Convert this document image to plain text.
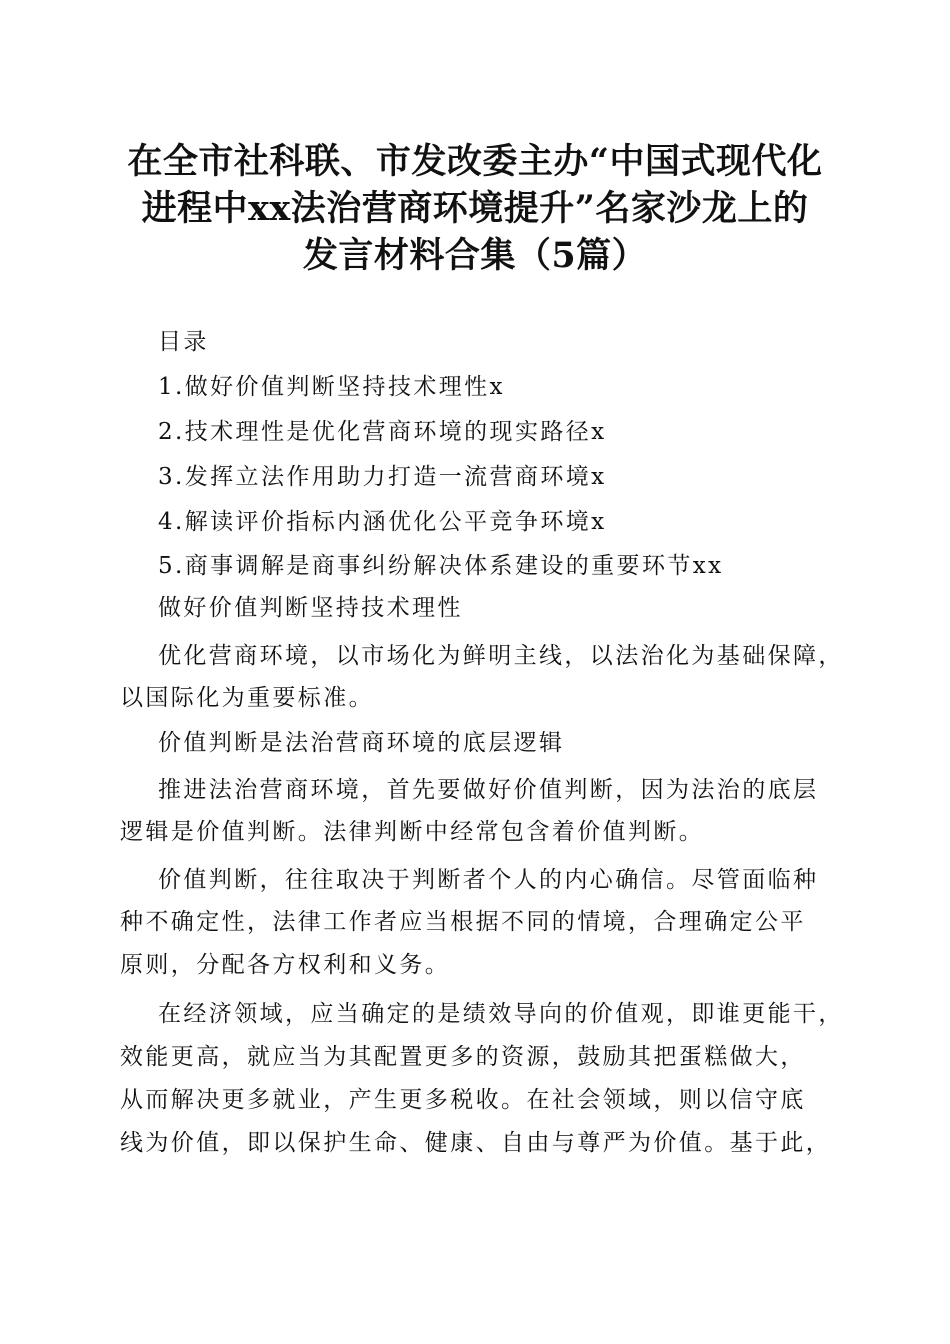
在全市社科联、市发改委主办“中国式现代化
进程中xx法治营商环境提升”名家沙龙上的
发言材料合集（5篇）
目录
1.做好价值判断坚持技术理性x
2.技术理性是优化营商环境的现实路径x
3.发挥立法作用助力打造一流营商环境x
4.解读评价指标内涵优化公平竞争环境x
5.商事调解是商事纠纷解决体系建设的重要环节xx
做好价值判断坚持技术理性
优化营商环境，以市场化为鲜明主线，以法治化为基础保障，
以国际化为重要标准。
价值判断是法治营商环境的底层逻辑
推进法治营商环境，首先要做好价值判断，因为法治的底层
逻辑是价值判断。法律判断中经常包含着价值判断。
价值判断，往往取决于判断者个人的内心确信。尽管面临种
种不确定性，法律工作者应当根据不同的情境，合理确定公平
原则，分配各方权利和义务。
在经济领域，应当确定的是绩效导向的价值观，即谁更能干，
效能更高，就应当为其配置更多的资源，鼓励其把蛋糕做大，
从而解决更多就业，产生更多税收。在社会领域，则以信守底
线为价值，即以保护生命、健康、自由与尊严为价值。基于此，
